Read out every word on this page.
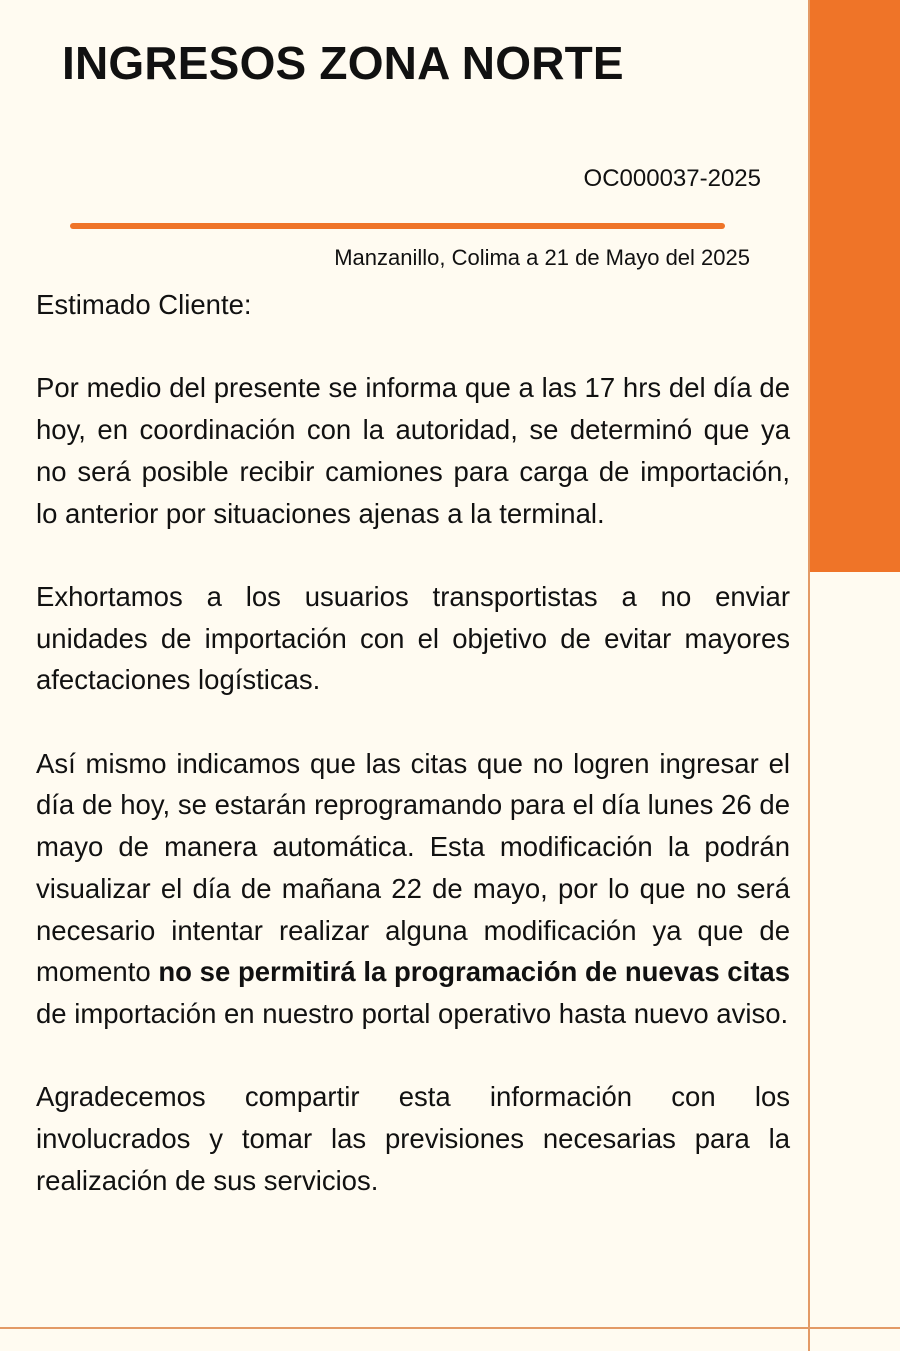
INGRESOS ZONA NORTE
OC000037-2025
Manzanillo, Colima a 21 de Mayo del 2025

Estimado Cliente:

Por medio del presente se informa que a las 17 hrs del día de hoy, en coordinación con la autoridad, se determinó que ya no será posible recibir camiones para carga de importación, lo anterior por situaciones ajenas a la terminal.

Exhortamos a los usuarios transportistas a no enviar unidades de importación con el objetivo de evitar mayores afectaciones logísticas.

Así mismo indicamos que las citas que no logren ingresar el día de hoy, se estarán reprogramando para el día lunes 26 de mayo de manera automática. Esta modificación la podrán visualizar el día de mañana 22 de mayo, por lo que no será necesario intentar realizar alguna modificación ya que de momento no se permitirá la programación de nuevas citas de importación en nuestro portal operativo hasta nuevo aviso.

Agradecemos compartir esta información con los involucrados y tomar las previsiones necesarias para la realización de sus servicios.
